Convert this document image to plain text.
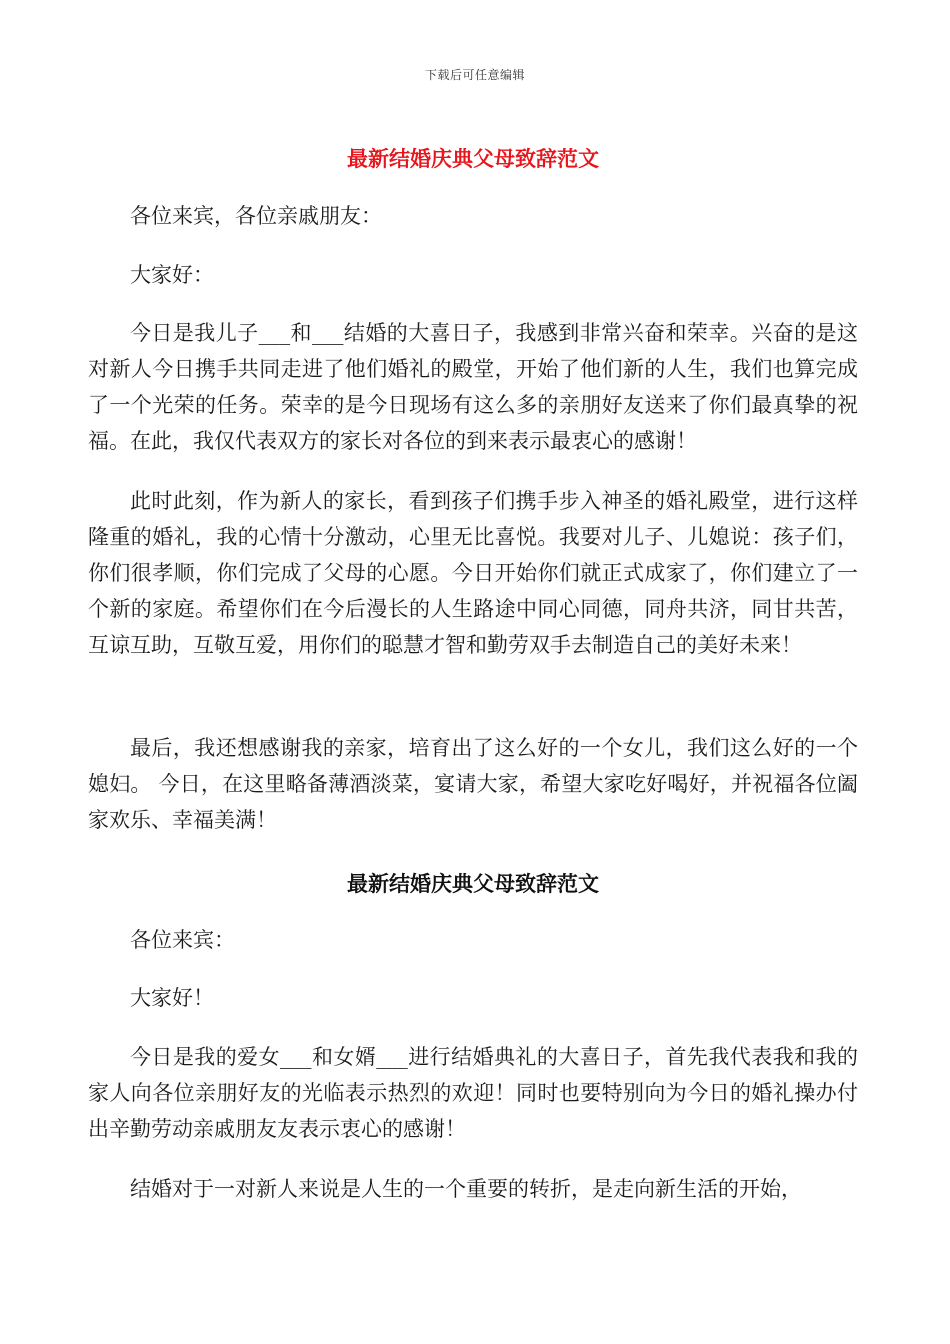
下载后可任意编辑
最新结婚庆典父母致辞范文

各位来宾，各位亲戚朋友：

大家好：

今日是我儿子___和___结婚的大喜日子，我感到非常兴奋和荣幸。兴奋的是这对新人今日携手共同走进了他们婚礼的殿堂，开始了他们新的人生，我们也算完成了一个光荣的任务。荣幸的是今日现场有这么多的亲朋好友送来了你们最真挚的祝福。在此，我仅代表双方的家长对各位的到来表示最衷心的感谢！

此时此刻，作为新人的家长，看到孩子们携手步入神圣的婚礼殿堂，进行这样隆重的婚礼，我的心情十分激动，心里无比喜悦。我要对儿子、儿媳说：孩子们，你们很孝顺，你们完成了父母的心愿。今日开始你们就正式成家了，你们建立了一个新的家庭。希望你们在今后漫长的人生路途中同心同德，同舟共济，同甘共苦，互谅互助，互敬互爱，用你们的聪慧才智和勤劳双手去制造自己的美好未来！

最后，我还想感谢我的亲家，培育出了这么好的一个女儿，我们这么好的一个媳妇。 今日，在这里略备薄酒淡菜，宴请大家，希望大家吃好喝好，并祝福各位阖家欢乐、幸福美满！

最新结婚庆典父母致辞范文

各位来宾：

大家好！

今日是我的爱女___和女婿___进行结婚典礼的大喜日子，首先我代表我和我的家人向各位亲朋好友的光临表示热烈的欢迎！同时也要特别向为今日的婚礼操办付出辛勤劳动亲戚朋友友表示衷心的感谢！

结婚对于一对新人来说是人生的一个重要的转折，是走向新生活的开始，
